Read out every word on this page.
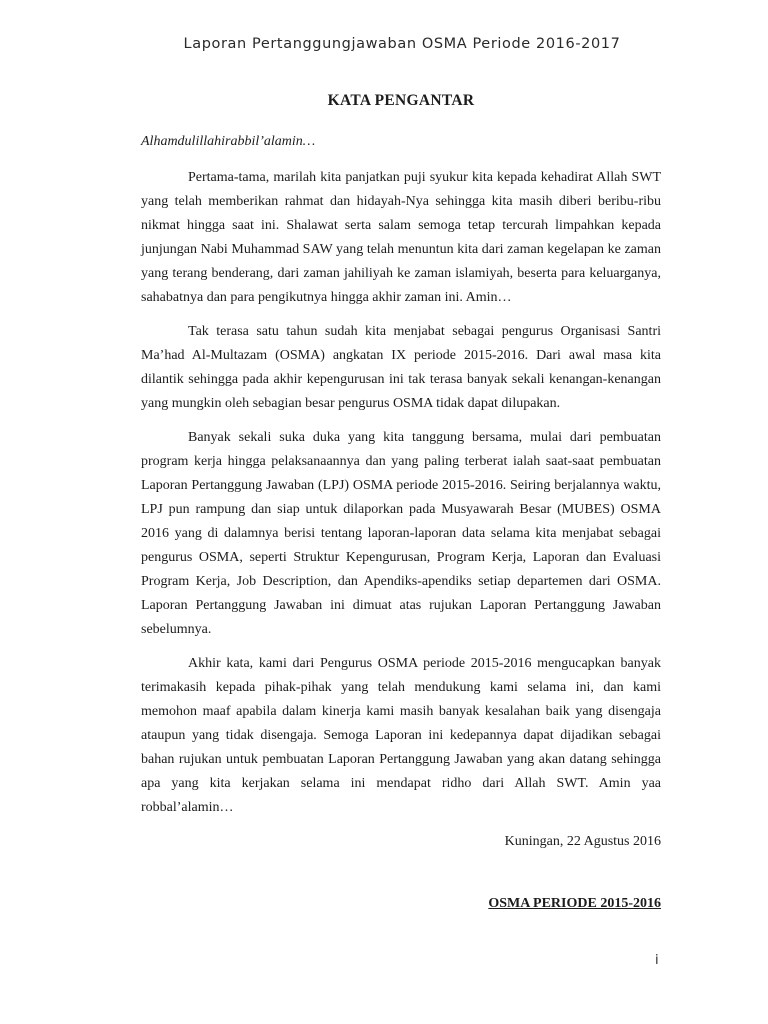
Laporan Pertanggungjawaban OSMA Periode 2016-2017
KATA PENGANTAR

Alhamdulillahirabbil’alamin…

Pertama-tama, marilah kita panjatkan puji syukur kita kepada kehadirat Allah SWT yang telah memberikan rahmat dan hidayah-Nya sehingga kita masih diberi beribu-ribu nikmat hingga saat ini. Shalawat serta salam semoga tetap tercurah limpahkan kepada junjungan Nabi Muhammad SAW yang telah menuntun kita dari zaman kegelapan ke zaman yang terang benderang, dari zaman jahiliyah ke zaman islamiyah, beserta para keluarganya, sahabatnya dan para pengikutnya hingga akhir zaman ini. Amin…

Tak terasa satu tahun sudah kita menjabat sebagai pengurus Organisasi Santri Ma’had Al-Multazam (OSMA) angkatan IX periode 2015-2016. Dari awal masa kita dilantik sehingga pada akhir kepengurusan ini tak terasa banyak sekali kenangan-kenangan yang mungkin oleh sebagian besar pengurus OSMA tidak dapat dilupakan.

Banyak sekali suka duka yang kita tanggung bersama, mulai dari pembuatan program kerja hingga pelaksanaannya dan yang paling terberat ialah saat-saat pembuatan Laporan Pertanggung Jawaban (LPJ) OSMA periode 2015-2016. Seiring berjalannya waktu, LPJ pun rampung dan siap untuk dilaporkan pada Musyawarah Besar (MUBES) OSMA 2016 yang di dalamnya berisi tentang laporan-laporan data selama kita menjabat sebagai pengurus OSMA, seperti Struktur Kepengurusan, Program Kerja, Laporan dan Evaluasi Program Kerja, Job Description, dan Apendiks-apendiks setiap departemen dari OSMA. Laporan Pertanggung Jawaban ini dimuat atas rujukan Laporan Pertanggung Jawaban sebelumnya.

Akhir kata, kami dari Pengurus OSMA periode 2015-2016 mengucapkan banyak terimakasih kepada pihak-pihak yang telah mendukung kami selama ini, dan kami memohon maaf apabila dalam kinerja kami masih banyak kesalahan baik yang disengaja ataupun yang tidak disengaja. Semoga Laporan ini kedepannya dapat dijadikan sebagai bahan rujukan untuk pembuatan Laporan Pertanggung Jawaban yang akan datang sehingga apa yang kita kerjakan selama ini mendapat ridho dari Allah SWT. Amin yaa robbal’alamin…

Kuningan, 22 Agustus 2016

OSMA PERIODE 2015-2016

i
